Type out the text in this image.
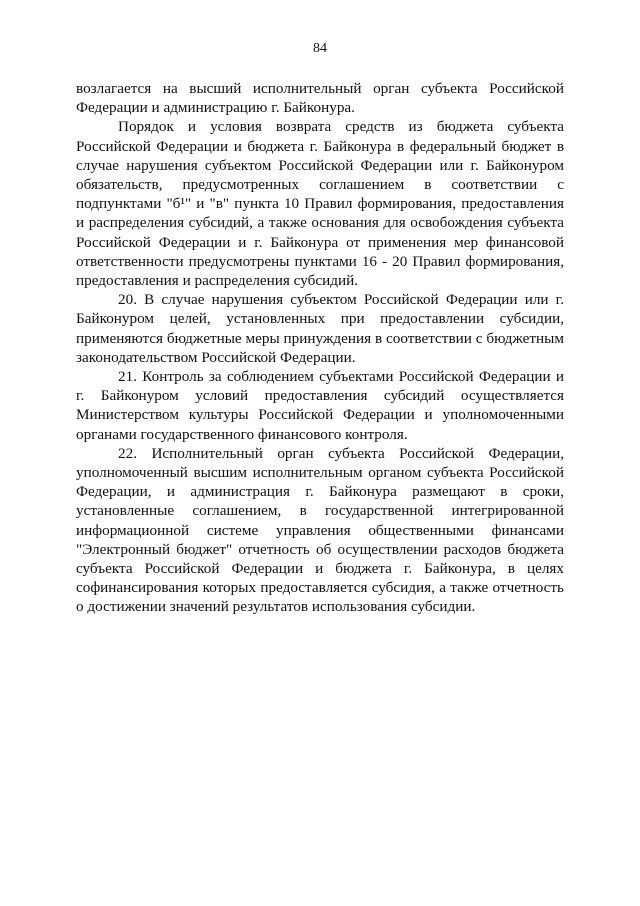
84

возлагается на высший исполнительный орган субъекта Российской Федерации и администрацию г. Байконура.

Порядок и условия возврата средств из бюджета субъекта Российской Федерации и бюджета г. Байконура в федеральный бюджет в случае нарушения субъектом Российской Федерации или г. Байконуром обязательств, предусмотренных соглашением в соответствии с подпунктами "б¹" и "в" пункта 10 Правил формирования, предоставления и распределения субсидий, а также основания для освобождения субъекта Российской Федерации и г. Байконура от применения мер финансовой ответственности предусмотрены пунктами 16 - 20 Правил формирования, предоставления и распределения субсидий.

20. В случае нарушения субъектом Российской Федерации или г. Байконуром целей, установленных при предоставлении субсидии, применяются бюджетные меры принуждения в соответствии с бюджетным законодательством Российской Федерации.

21. Контроль за соблюдением субъектами Российской Федерации и г. Байконуром условий предоставления субсидий осуществляется Министерством культуры Российской Федерации и уполномоченными органами государственного финансового контроля.

22. Исполнительный орган субъекта Российской Федерации, уполномоченный высшим исполнительным органом субъекта Российской Федерации, и администрация г. Байконура размещают в сроки, установленные соглашением, в государственной интегрированной информационной системе управления общественными финансами "Электронный бюджет" отчетность об осуществлении расходов бюджета субъекта Российской Федерации и бюджета г. Байконура, в целях софинансирования которых предоставляется субсидия, а также отчетность о достижении значений результатов использования субсидии.
